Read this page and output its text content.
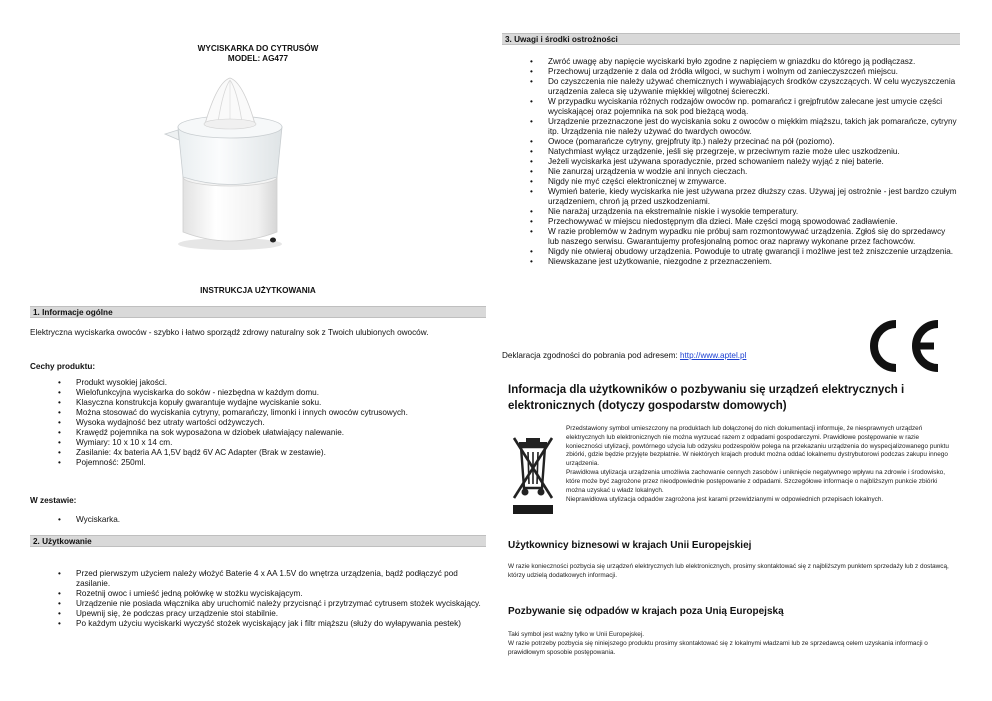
WYCISKARKA DO CYTRUSÓW
MODEL: AG477
INSTRUKCJA UŻYTKOWANIA
1. Informacje ogólne
Elektryczna wyciskarka owoców - szybko i łatwo sporządź zdrowy naturalny sok z Twoich ulubionych owoców.
Cechy produktu:
• Produkt wysokiej jakości.
• Wielofunkcyjna wyciskarka do soków - niezbędna w każdym domu.
• Klasyczna konstrukcja kopuły gwarantuje wydajne wyciskanie soku.
• Można stosować do wyciskania cytryny, pomarańczy, limonki i innych owoców cytrusowych.
• Wysoka wydajność bez utraty wartości odżywczych.
• Krawędź pojemnika na sok wyposażona w dziobek ułatwiający nalewanie.
• Wymiary: 10 x 10 x 14 cm.
• Zasilanie: 4x bateria AA 1,5V bądź 6V AC Adapter (Brak w zestawie).
• Pojemność: 250ml.
W zestawie:
• Wyciskarka.
2. Użytkowanie
• Przed pierwszym użyciem należy włożyć Baterie 4 x AA 1.5V do wnętrza urządzenia, bądź podłączyć pod zasilanie.
• Rozetnij owoc i umieść jedną połówkę w stożku wyciskającym.
• Urządzenie nie posiada włącznika aby uruchomić należy przycisnąć i przytrzymać cytrusem stożek wyciskający.
• Upewnij się, że podczas pracy urządzenie stoi stabilnie.
• Po każdym użyciu wyciskarki wyczyść stożek wyciskający jak i filtr miąższu (służy do wyłapywania pestek)
3. Uwagi i środki ostrożności
• Zwróć uwagę aby napięcie wyciskarki było zgodne z napięciem w gniazdku do którego ją podłączasz.
• Przechowuj urządzenie z dala od źródła wilgoci, w suchym i wolnym od zanieczyszczeń miejscu.
• Do czyszczenia nie należy używać chemicznych i wywabiających środków czyszczących. W celu wyczyszczenia urządzenia zaleca się używanie miękkiej wilgotnej ściereczki.
• W przypadku wyciskania różnych rodzajów owoców np. pomarańcz i grejpfrutów zalecane jest umycie części wyciskającej oraz pojemnika na sok pod bieżącą wodą.
• Urządzenie przeznaczone jest do wyciskania soku z owoców o miękkim miąższu, takich jak pomarańcze, cytryny itp. Urządzenia nie należy używać do twardych owoców.
• Owoce (pomarańcze cytryny, grejpfruty itp.) należy przecinać na pół (poziomo).
• Natychmiast wyłącz urządzenie, jeśli się przegrzeje, w przeciwnym razie może ulec uszkodzeniu.
• Jeżeli wyciskarka jest używana sporadycznie, przed schowaniem należy wyjąć z niej baterie.
• Nie zanurzaj urządzenia w wodzie ani innych cieczach.
• Nigdy nie myć części elektronicznej w zmywarce.
• Wymień baterie, kiedy wyciskarka nie jest używana przez dłuższy czas. Używaj jej ostrożnie - jest bardzo czułym urządzeniem, chroń ją przed uszkodzeniami.
• Nie narażaj urządzenia na ekstremalnie niskie i wysokie temperatury.
• Przechowywać w miejscu niedostępnym dla dzieci. Małe części mogą spowodować zadławienie.
• W razie problemów w żadnym wypadku nie próbuj sam rozmontowywać urządzenia. Zgłoś się do sprzedawcy lub naszego serwisu. Gwarantujemy profesjonalną pomoc oraz naprawy wykonane przez fachowców.
• Nigdy nie otwieraj obudowy urządzenia. Powoduje to utratę gwarancji i możliwe jest też zniszczenie urządzenia.
• Niewskazane jest użytkowanie, niezgodne z przeznaczeniem.
Deklaracja zgodności do pobrania pod adresem: http://www.aptel.pl
Informacja dla użytkowników o pozbywaniu się urządzeń elektrycznych i elektronicznych (dotyczy gospodarstw domowych)
Przedstawiony symbol umieszczony na produktach lub dołączonej do nich dokumentacji informuje, że niesprawnych urządzeń elektrycznych lub elektronicznych nie można wyrzucać razem z odpadami gospodarczymi. Prawidłowe postępowanie w razie konieczności utylizacji, powtórnego użycia lub odzysku podzespołów polega na przekazaniu urządzenia do wyspecjalizowanego punktu zbiórki, gdzie będzie przyjęte bezpłatnie. W niektórych krajach produkt można oddać lokalnemu dystrybutorowi podczas zakupu innego urządzenia.
Prawidłowa utylizacja urządzenia umożliwia zachowanie cennych zasobów i uniknięcie negatywnego wpływu na zdrowie i środowisko, które może być zagrożone przez nieodpowiednie postępowanie z odpadami. Szczegółowe informacje o najbliższym punkcie zbiórki można uzyskać u władz lokalnych.
Nieprawidłowa utylizacja odpadów zagrożona jest karami przewidzianymi w odpowiednich przepisach lokalnych.
Użytkownicy biznesowi w krajach Unii Europejskiej
W razie konieczności pozbycia się urządzeń elektrycznych lub elektronicznych, prosimy skontaktować się z najbliższym punktem sprzedaży lub z dostawcą, którzy udzielą dodatkowych informacji.
Pozbywanie się odpadów w krajach poza Unią Europejską
Taki symbol jest ważny tylko w Unii Europejskej.
W razie potrzeby pozbycia się niniejszego produktu prosimy skontaktować się z lokalnymi władzami lub ze sprzedawcą celem uzyskania informacji o prawidłowym sposobie postępowania.
